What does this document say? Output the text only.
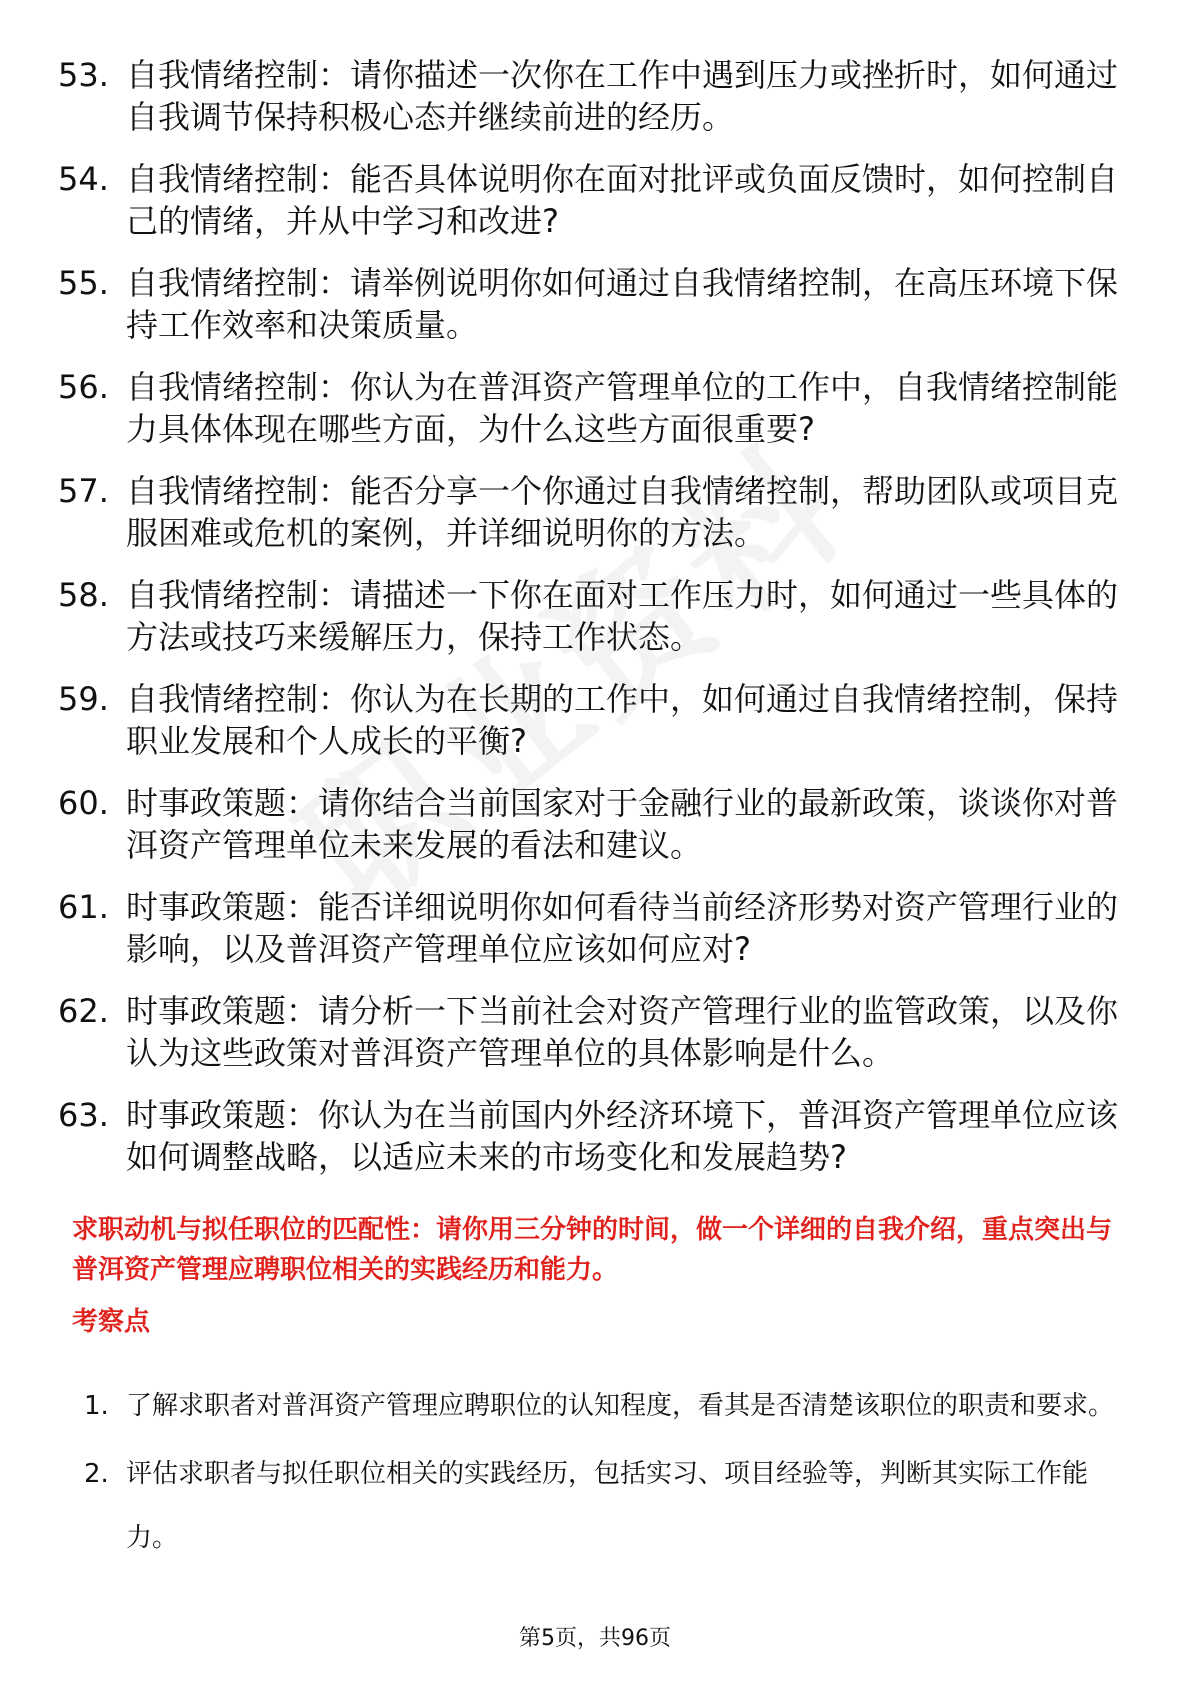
53. 自我情绪控制：请你描述一次你在工作中遇到压力或挫折时，如何通过自我调节保持积极心态并继续前进的经历。
54. 自我情绪控制：能否具体说明你在面对批评或负面反馈时，如何控制自己的情绪，并从中学习和改进?
55. 自我情绪控制：请举例说明你如何通过自我情绪控制，在高压环境下保持工作效率和决策质量。
56. 自我情绪控制：你认为在普洱资产管理单位的工作中，自我情绪控制能力具体体现在哪些方面，为什么这些方面很重要?
57. 自我情绪控制：能否分享一个你通过自我情绪控制，帮助团队或项目克服困难或危机的案例，并详细说明你的方法。
58. 自我情绪控制：请描述一下你在面对工作压力时，如何通过一些具体的方法或技巧来缓解压力，保持工作状态。
59. 自我情绪控制：你认为在长期的工作中，如何通过自我情绪控制，保持职业发展和个人成长的平衡?
60. 时事政策题：请你结合当前国家对于金融行业的最新政策，谈谈你对普洱资产管理单位未来发展的看法和建议。
61. 时事政策题：能否详细说明你如何看待当前经济形势对资产管理行业的影响，以及普洱资产管理单位应该如何应对?
62. 时事政策题：请分析一下当前社会对资产管理行业的监管政策，以及你认为这些政策对普洱资产管理单位的具体影响是什么。
63. 时事政策题：你认为在当前国内外经济环境下，普洱资产管理单位应该如何调整战略，以适应未来的市场变化和发展趋势?

求职动机与拟任职位的匹配性：请你用三分钟的时间，做一个详细的自我介绍，重点突出与普洱资产管理应聘职位相关的实践经历和能力。

考察点
1. 了解求职者对普洱资产管理应聘职位的认知程度，看其是否清楚该职位的职责和要求。
2. 评估求职者与拟任职位相关的实践经历，包括实习、项目经验等，判断其实际工作能力。
第5页，共96页
